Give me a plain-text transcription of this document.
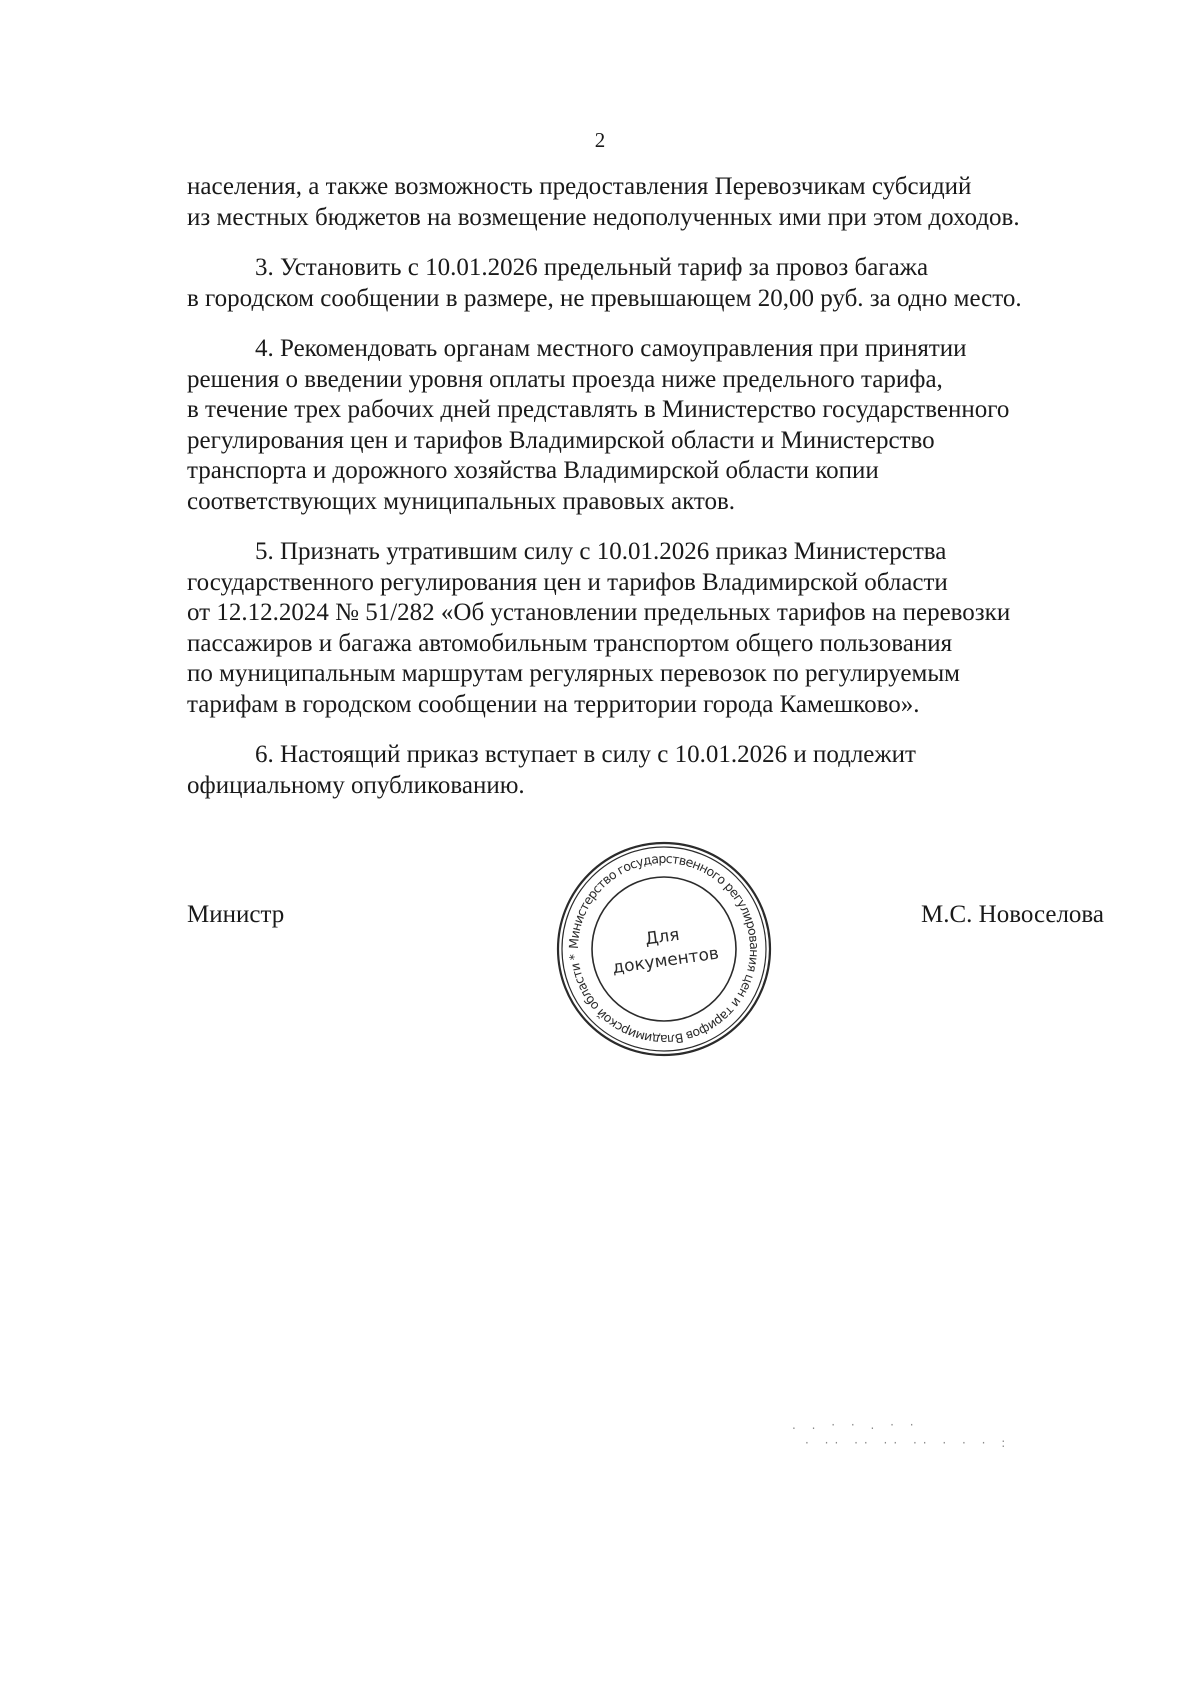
2

населения, а также возможность предоставления Перевозчикам субсидий
из местных бюджетов на возмещение недополученных ими при этом доходов.

3. Установить с 10.01.2026 предельный тариф за провоз багажа
в городском сообщении в размере, не превышающем 20,00 руб. за одно место.

4. Рекомендовать органам местного самоуправления при принятии
решения о введении уровня оплаты проезда ниже предельного тарифа,
в течение трех рабочих дней представлять в Министерство государственного
регулирования цен и тарифов Владимирской области и Министерство
транспорта и дорожного хозяйства Владимирской области копии
соответствующих муниципальных правовых актов.

5. Признать утратившим силу с 10.01.2026 приказ Министерства
государственного регулирования цен и тарифов Владимирской области
от 12.12.2024 № 51/282 «Об установлении предельных тарифов на перевозки
пассажиров и багажа автомобильным транспортом общего пользования
по муниципальным маршрутам регулярных перевозок по регулируемым
тарифам в городском сообщении на территории города Камешково».

6. Настоящий приказ вступает в силу с 10.01.2026 и подлежит
официальному опубликованию.

Министр
Министерство государственного регулирования цен и тарифов Владимирской области *
Для
документов
М.С. Новоселова
. . · · . · ·
· ·· ·· ·· ·· · · · :
